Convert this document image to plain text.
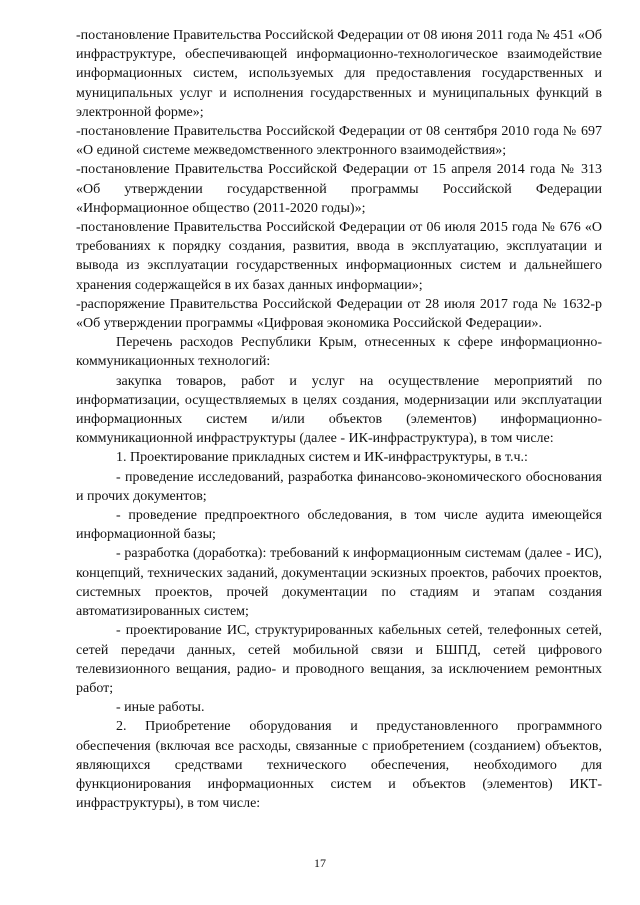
-постановление Правительства Российской Федерации от 08 июня 2011 года № 451 «Об инфраструктуре, обеспечивающей информационно-технологическое взаимодействие информационных систем, используемых для предоставления государственных и муниципальных услуг и исполнения государственных и муниципальных функций в электронной форме»;

-постановление Правительства Российской Федерации от 08 сентября 2010 года № 697 «О единой системе межведомственного электронного взаимодействия»;

-постановление Правительства Российской Федерации от 15 апреля 2014 года № 313 «Об утверждении государственной программы Российской Федерации «Информационное общество (2011-2020 годы)»;

-постановление Правительства Российской Федерации от 06 июля 2015 года № 676 «О требованиях к порядку создания, развития, ввода в эксплуатацию, эксплуатации и вывода из эксплуатации государственных информационных систем и дальнейшего хранения содержащейся в их базах данных информации»;

-распоряжение Правительства Российской Федерации от 28 июля 2017 года № 1632-р «Об утверждении программы «Цифровая экономика Российской Федерации».

Перечень расходов Республики Крым, отнесенных к сфере информационно-коммуникационных технологий:

закупка товаров, работ и услуг на осуществление мероприятий по информатизации, осуществляемых в целях создания, модернизации или эксплуатации информационных систем и/или объектов (элементов) информационно-коммуникационной инфраструктуры (далее - ИК-инфраструктура), в том числе:

1. Проектирование прикладных систем и ИК-инфраструктуры, в т.ч.:

- проведение исследований, разработка финансово-экономического обоснования и прочих документов;

- проведение предпроектного обследования, в том числе аудита имеющейся информационной базы;

- разработка (доработка): требований к информационным системам (далее - ИС), концепций, технических заданий, документации эскизных проектов, рабочих проектов, системных проектов, прочей документации по стадиям и этапам создания автоматизированных систем;

- проектирование ИС, структурированных кабельных сетей, телефонных сетей, сетей передачи данных, сетей мобильной связи и БШПД, сетей цифрового телевизионного вещания, радио- и проводного вещания, за исключением ремонтных работ;

- иные работы.

2. Приобретение оборудования и предустановленного программного обеспечения (включая все расходы, связанные с приобретением (созданием) объектов, являющихся средствами технического обеспечения, необходимого для функционирования информационных систем и объектов (элементов) ИКТ-инфраструктуры), в том числе:

17
